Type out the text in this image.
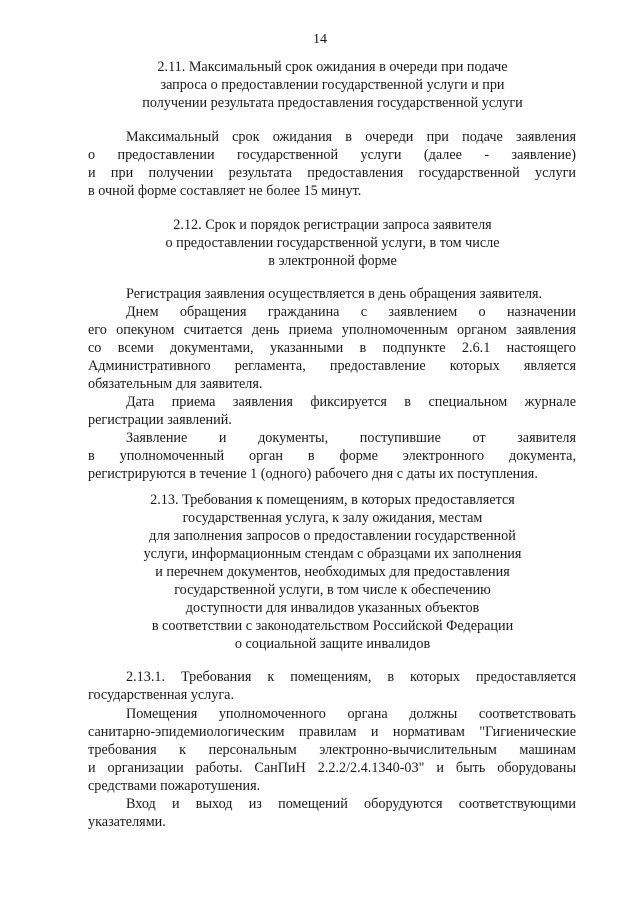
14
2.11. Максимальный срок ожидания в очереди при подаче
запроса о предоставлении государственной услуги и при
получении результата предоставления государственной услуги
Максимальный срок ожидания в очереди при подаче заявления
о предоставлении государственной услуги (далее - заявление)
и при получении результата предоставления государственной услуги
в очной форме составляет не более 15 минут.
2.12. Срок и порядок регистрации запроса заявителя
о предоставлении государственной услуги, в том числе
в электронной форме
Регистрация заявления осуществляется в день обращения заявителя.
Днем обращения гражданина с заявлением о назначении
его опекуном считается день приема уполномоченным органом заявления
со всеми документами, указанными в подпункте 2.6.1 настоящего
Административного регламента, предоставление которых является
обязательным для заявителя.
Дата приема заявления фиксируется в специальном журнале
регистрации заявлений.
Заявление и документы, поступившие от заявителя
в уполномоченный орган в форме электронного документа,
регистрируются в течение 1 (одного) рабочего дня с даты их поступления.
2.13. Требования к помещениям, в которых предоставляется
государственная услуга, к залу ожидания, местам
для заполнения запросов о предоставлении государственной
услуги, информационным стендам с образцами их заполнения
и перечнем документов, необходимых для предоставления
государственной услуги, в том числе к обеспечению
доступности для инвалидов указанных объектов
в соответствии с законодательством Российской Федерации
о социальной защите инвалидов
2.13.1. Требования к помещениям, в которых предоставляется
государственная услуга.
Помещения уполномоченного органа должны соответствовать
санитарно-эпидемиологическим правилам и нормативам "Гигиенические
требования к персональным электронно-вычислительным машинам
и организации работы. СанПиН 2.2.2/2.4.1340-03" и быть оборудованы
средствами пожаротушения.
Вход и выход из помещений оборудуются соответствующими
указателями.
